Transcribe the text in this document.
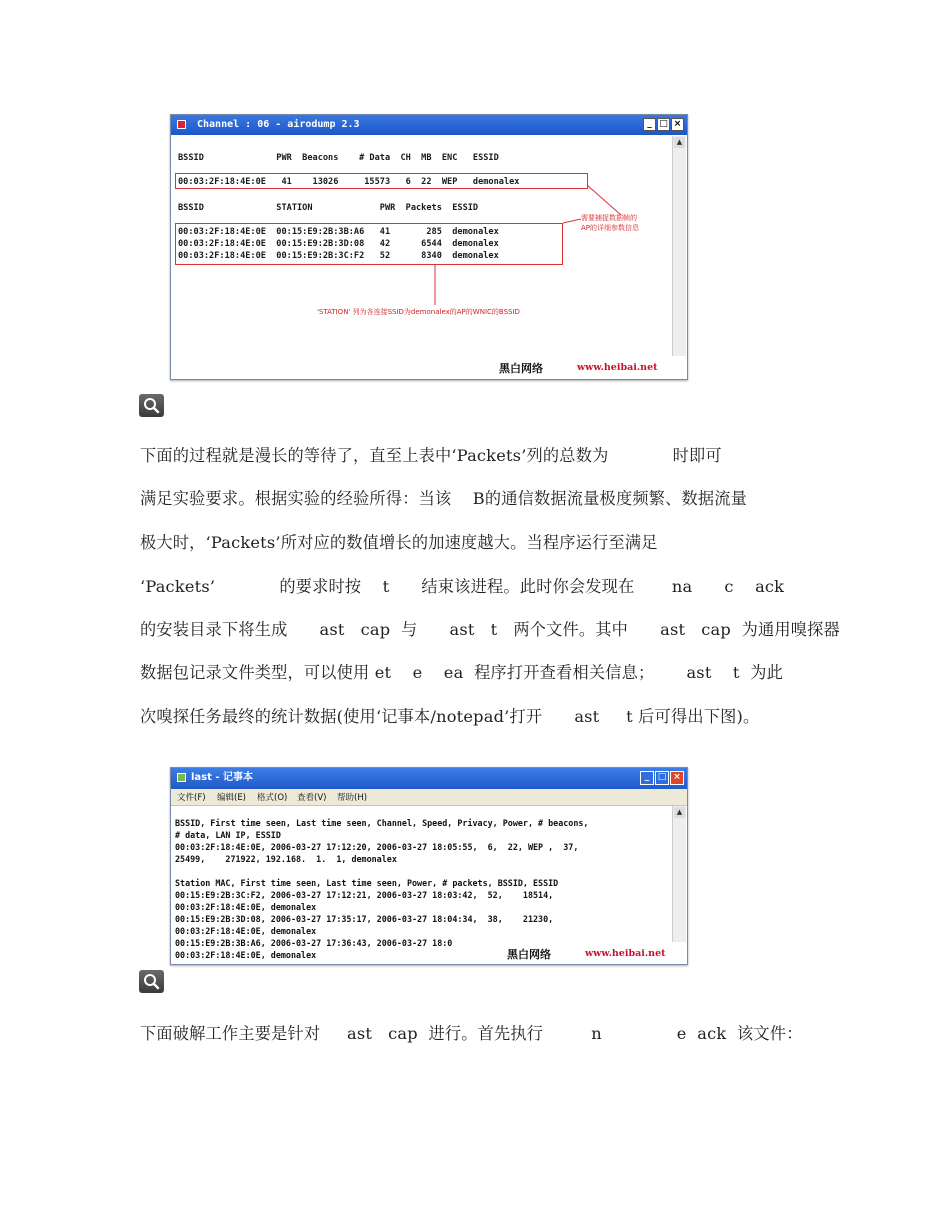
Channel : 06 - airodump 2.3	_ □ ×
BSSID              PWR  Beacons    # Data  CH  MB  ENC   ESSID
00:03:2F:18:4E:0E   41    13026     15573   6  22  WEP   demonalex
BSSID              STATION             PWR  Packets  ESSID
00:03:2F:18:4E:0E  00:15:E9:2B:3B:A6   41       285  demonalex
00:03:2F:18:4E:0E  00:15:E9:2B:3D:08   42      6544  demonalex
00:03:2F:18:4E:0E  00:15:E9:2B:3C:F2   52      8340  demonalex
需要捕捉数据帧的
AP的详细参数信息
'STATION' 列为各连接SSID为demonalex的AP的WNIC的BSSID
▲
黑白网络	www.heibai.net
下面的过程就是漫长的等待了，直至上表中‘Packets’列的总数为            时即可
满足实验要求。根据实验的经验所得：当该    B的通信数据流量极度频繁、数据流量
极大时，‘Packets’所对应的数值增长的加速度越大。当程序运行至满足
‘Packets’            的要求时按    t      结束该进程。此时你会发现在       na      c    ack
的安装目录下将生成      ast   cap  与      ast   t   两个文件。其中      ast   cap  为通用嗅探器
数据包记录文件类型，可以使用 et    e    ea  程序打开查看相关信息；      ast    t  为此
次嗅探任务最终的统计数据(使用‘记事本/notepad’打开      ast     t 后可得出下图)。
last - 记事本	_ □ ×
文件(F) 编辑(E) 格式(O) 查看(V) 帮助(H)
BSSID, First time seen, Last time seen, Channel, Speed, Privacy, Power, # beacons,
# data, LAN IP, ESSID
00:03:2F:18:4E:0E, 2006-03-27 17:12:20, 2006-03-27 18:05:55,  6,  22, WEP ,  37,
25499,    271922, 192.168.  1.  1, demonalex
Station MAC, First time seen, Last time seen, Power, # packets, BSSID, ESSID
00:15:E9:2B:3C:F2, 2006-03-27 17:12:21, 2006-03-27 18:03:42,  52,    18514,
00:03:2F:18:4E:0E, demonalex
00:15:E9:2B:3D:08, 2006-03-27 17:35:17, 2006-03-27 18:04:34,  38,    21230,
00:03:2F:18:4E:0E, demonalex
00:15:E9:2B:3B:A6, 2006-03-27 17:36:43, 2006-03-27 18:0
00:03:2F:18:4E:0E, demonalex
▲
黑白网络	www.heibai.net
下面破解工作主要是针对     ast   cap  进行。首先执行         n              e  ack  该文件：
